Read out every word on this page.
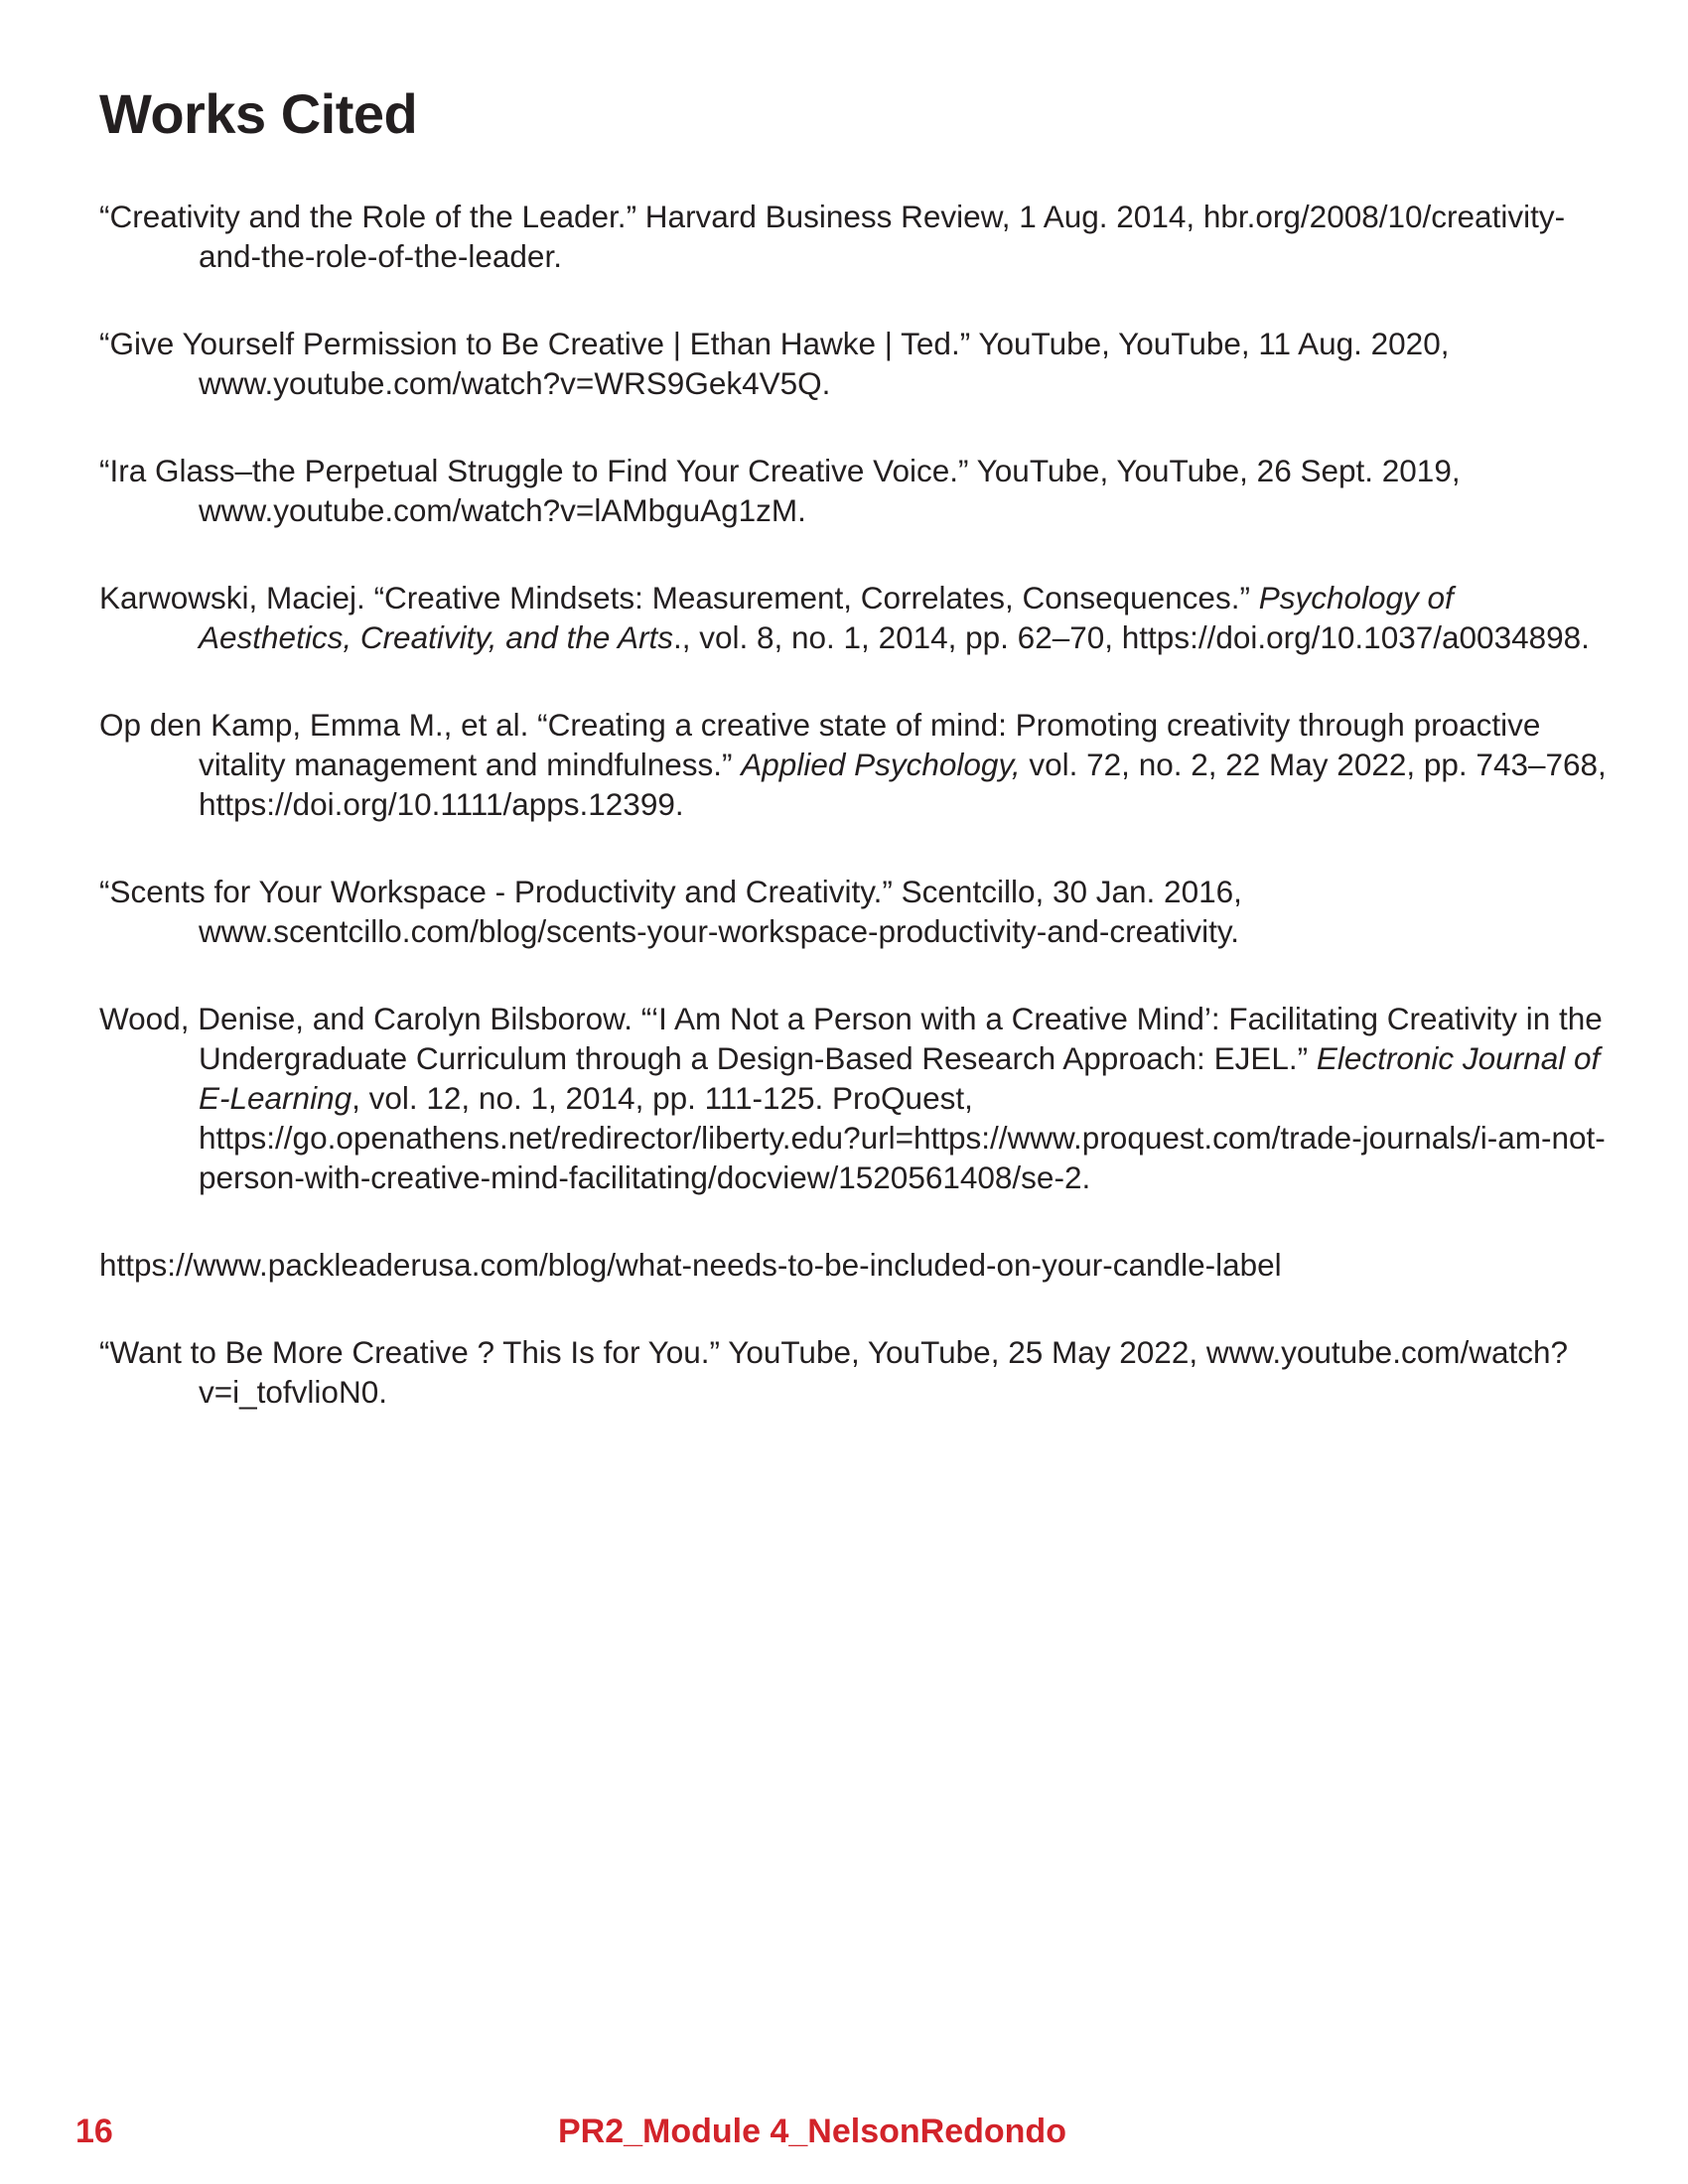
Works Cited

“Creativity and the Role of the Leader.” Harvard Business Review, 1 Aug. 2014, hbr.org/2008/10/creativity-and-the-role-of-the-leader.

“Give Yourself Permission to Be Creative | Ethan Hawke | Ted.” YouTube, YouTube, 11 Aug. 2020, www.youtube.com/watch?v=WRS9Gek4V5Q.

“Ira Glass–the Perpetual Struggle to Find Your Creative Voice.” YouTube, YouTube, 26 Sept. 2019, www.youtube.com/watch?v=lAMbguAg1zM.

Karwowski, Maciej. “Creative Mindsets: Measurement, Correlates, Consequences.” Psychology of Aesthetics, Creativity, and the Arts., vol. 8, no. 1, 2014, pp. 62–70, https://doi.org/10.1037/a0034898.

Op den Kamp, Emma M., et al. “Creating a creative state of mind: Promoting creativity through proactive vitality management and mindfulness.” Applied Psychology, vol. 72, no. 2, 22 May 2022, pp. 743–768, https://doi.org/10.1111/apps.12399.

“Scents for Your Workspace - Productivity and Creativity.” Scentcillo, 30 Jan. 2016, www.scentcillo.com/blog/scents-your-workspace-productivity-and-creativity.

Wood, Denise, and Carolyn Bilsborow. “‘I Am Not a Person with a Creative Mind’: Facilitating Creativity in the Undergraduate Curriculum through a Design-Based Research Approach: EJEL.” Electronic Journal of E-Learning, vol. 12, no. 1, 2014, pp. 111-125. ProQuest, https://go.openathens.net/redirector/liberty.edu?url=https://www.proquest.com/trade-journals/i-am-not-person-with-creative-mind-facilitating/docview/1520561408/se-2.

https://www.packleaderusa.com/blog/what-needs-to-be-included-on-your-candle-label

“Want to Be More Creative ? This Is for You.” YouTube, YouTube, 25 May 2022, www.youtube.com/watch?v=i_tofvlioN0.

16	PR2_Module 4_NelsonRedondo
